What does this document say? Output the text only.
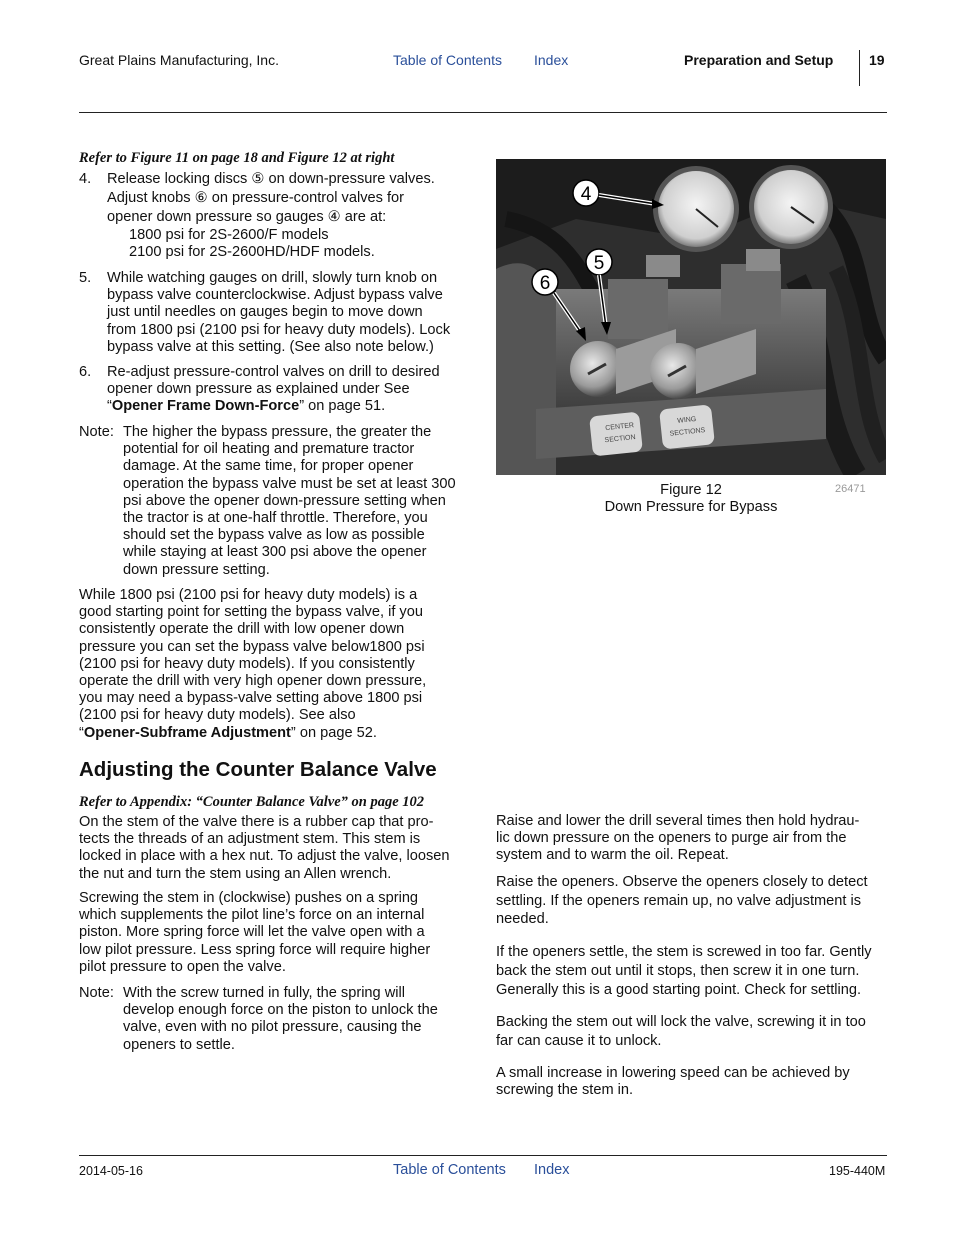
Great Plains Manufacturing, Inc.	Table of Contents Index	Preparation and Setup	19
Refer to Figure 11 on page 18 and Figure 12 at right
4. Release locking discs ⑤ on down-pressure valves.
Adjust knobs ⑥ on pressure-control valves for
opener down pressure so gauges ④ are at:
1800 psi for 2S-2600/F models
2100 psi for 2S-2600HD/HDF models.
5. While watching gauges on drill, slowly turn knob on
bypass valve counterclockwise. Adjust bypass valve
just until needles on gauges begin to move down
from 1800 psi (2100 psi for heavy duty models). Lock
bypass valve at this setting. (See also note below.)
6. Re-adjust pressure-control valves on drill to desired
opener down pressure as explained under See
“Opener Frame Down-Force” on page 51.
Note: The higher the bypass pressure, the greater the
potential for oil heating and premature tractor
damage. At the same time, for proper opener
operation the bypass valve must be set at least 300
psi above the opener down-pressure setting when
the tractor is at one-half throttle. Therefore, you
should set the bypass valve as low as possible
while staying at least 300 psi above the opener
down pressure setting.
While 1800 psi (2100 psi for heavy duty models) is a
good starting point for setting the bypass valve, if you
consistently operate the drill with low opener down
pressure you can set the bypass valve below1800 psi
(2100 psi for heavy duty models). If you consistently
operate the drill with very high opener down pressure,
you may need a bypass-valve setting above 1800 psi
(2100 psi for heavy duty models). See also
“Opener-Subframe Adjustment” on page 52.
Adjusting the Counter Balance Valve
Refer to Appendix: “Counter Balance Valve” on page 102
On the stem of the valve there is a rubber cap that pro-
tects the threads of an adjustment stem. This stem is
locked in place with a hex nut. To adjust the valve, loosen
the nut and turn the stem using an Allen wrench.
Screwing the stem in (clockwise) pushes on a spring
which supplements the pilot line’s force on an internal
piston. More spring force will let the valve open with a
low pilot pressure. Less spring force will require higher
pilot pressure to open the valve.
Note: With the screw turned in fully, the spring will
develop enough force on the piston to unlock the
valve, even with no pilot pressure, causing the
openers to settle.
CENTER
SECTION
WING
SECTIONS
4
5
6
Figure 12
Down Pressure for Bypass
26471
Raise and lower the drill several times then hold hydrau-
lic down pressure on the openers to purge air from the
system and to warm the oil. Repeat.
Raise the openers. Observe the openers closely to detect
settling. If the openers remain up, no valve adjustment is
needed.
If the openers settle, the stem is screwed in too far. Gently
back the stem out until it stops, then screw it in one turn.
Generally this is a good starting point. Check for settling.
Backing the stem out will lock the valve, screwing it in too
far can cause it to unlock.
A small increase in lowering speed can be achieved by
screwing the stem in.
2014-05-16	Table of Contents Index	195-440M
